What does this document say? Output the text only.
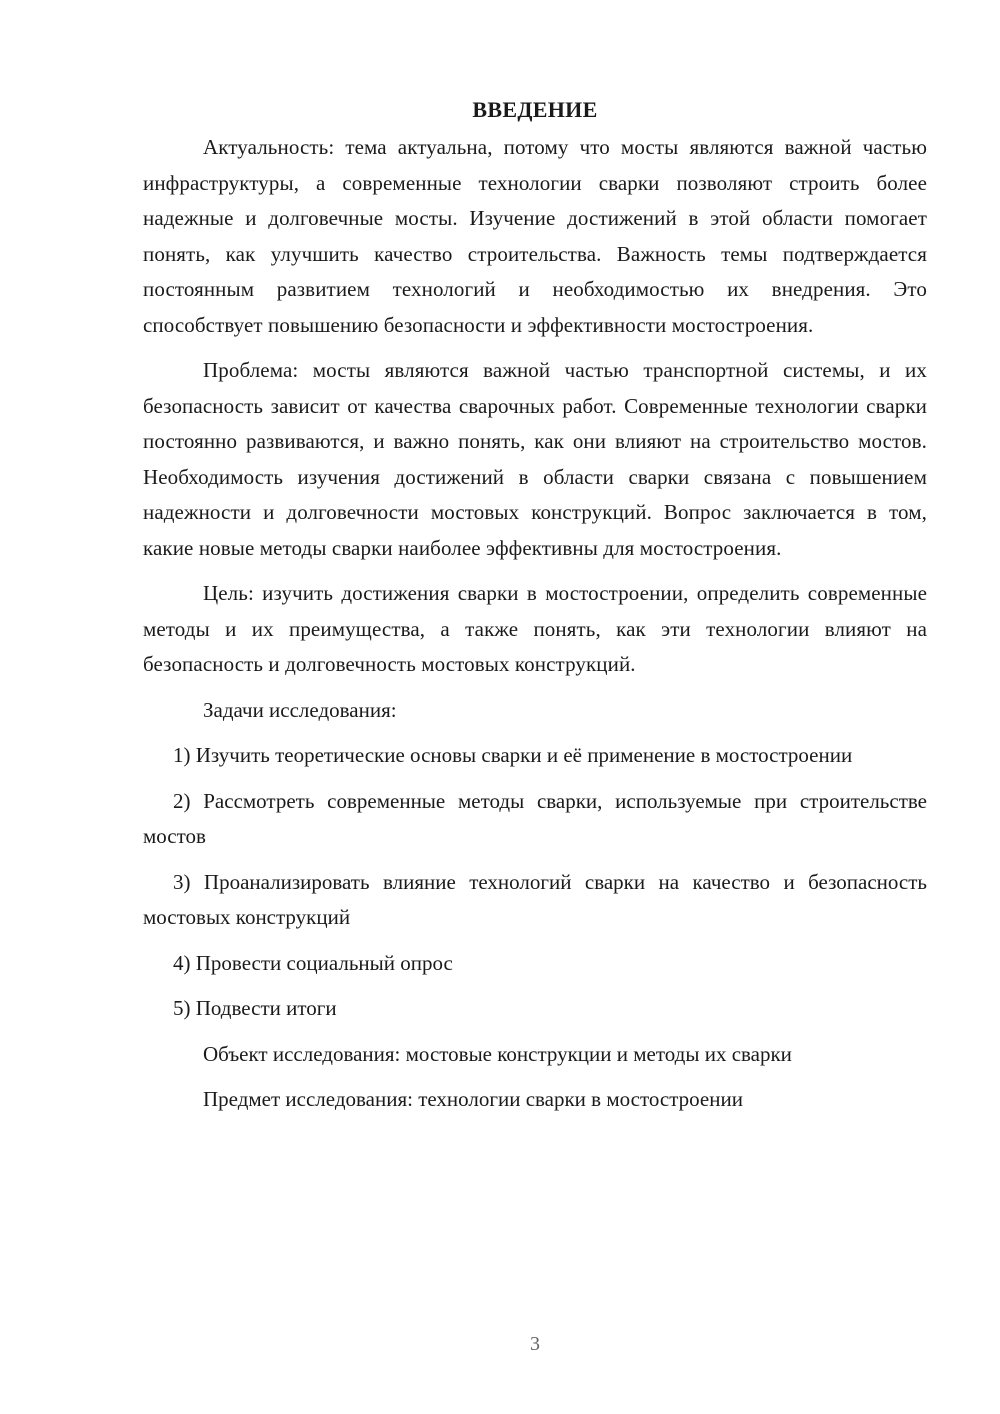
ВВЕДЕНИЕ

Актуальность: тема актуальна, потому что мосты являются важной частью инфраструктуры, а современные технологии сварки позволяют строить более надежные и долговечные мосты. Изучение достижений в этой области помогает понять, как улучшить качество строительства. Важность темы подтверждается постоянным развитием технологий и необходимостью их внедрения. Это способствует повышению безопасности и эффективности мостостроения.

Проблема: мосты являются важной частью транспортной системы, и их безопасность зависит от качества сварочных работ. Современные технологии сварки постоянно развиваются, и важно понять, как они влияют на строительство мостов. Необходимость изучения достижений в области сварки связана с повышением надежности и долговечности мостовых конструкций. Вопрос заключается в том, какие новые методы сварки наиболее эффективны для мостостроения.

Цель: изучить достижения сварки в мостостроении, определить современные методы и их преимущества, а также понять, как эти технологии влияют на безопасность и долговечность мостовых конструкций.

Задачи исследования:

1) Изучить теоретические основы сварки и её применение в мостостроении

2) Рассмотреть современные методы сварки, используемые при строительстве мостов

3) Проанализировать влияние технологий сварки на качество и безопасность мостовых конструкций

4) Провести социальный опрос

5) Подвести итоги

Объект исследования: мостовые конструкции и методы их сварки

Предмет исследования: технологии сварки в мостостроении

3
